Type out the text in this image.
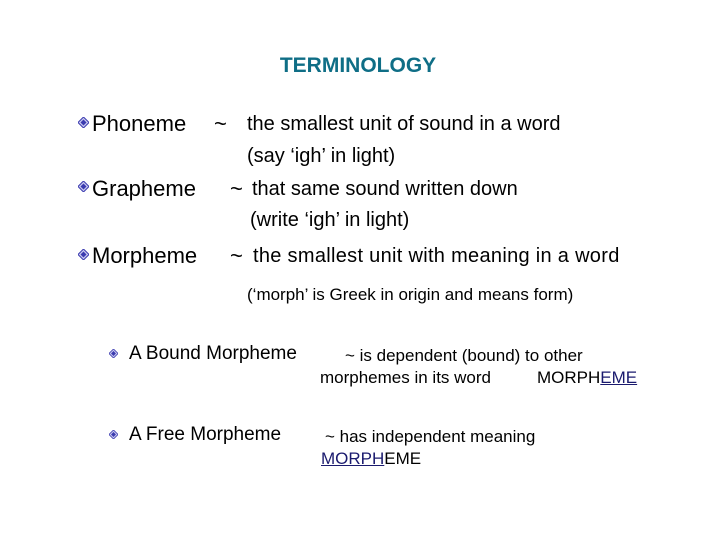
TERMINOLOGY
Phoneme ~ the smallest unit of sound in a word
(say ‘igh’ in light)
Grapheme ~ that same sound written down
(write ‘igh’ in light)
Morpheme ~ the smallest unit with meaning in a word
(‘morph’ is Greek in origin and means form)
A Bound Morpheme	~ is dependent (bound) to other
morphemes in its word	MORPHEME
A Free Morpheme	~ has independent meaning
MORPHEME
